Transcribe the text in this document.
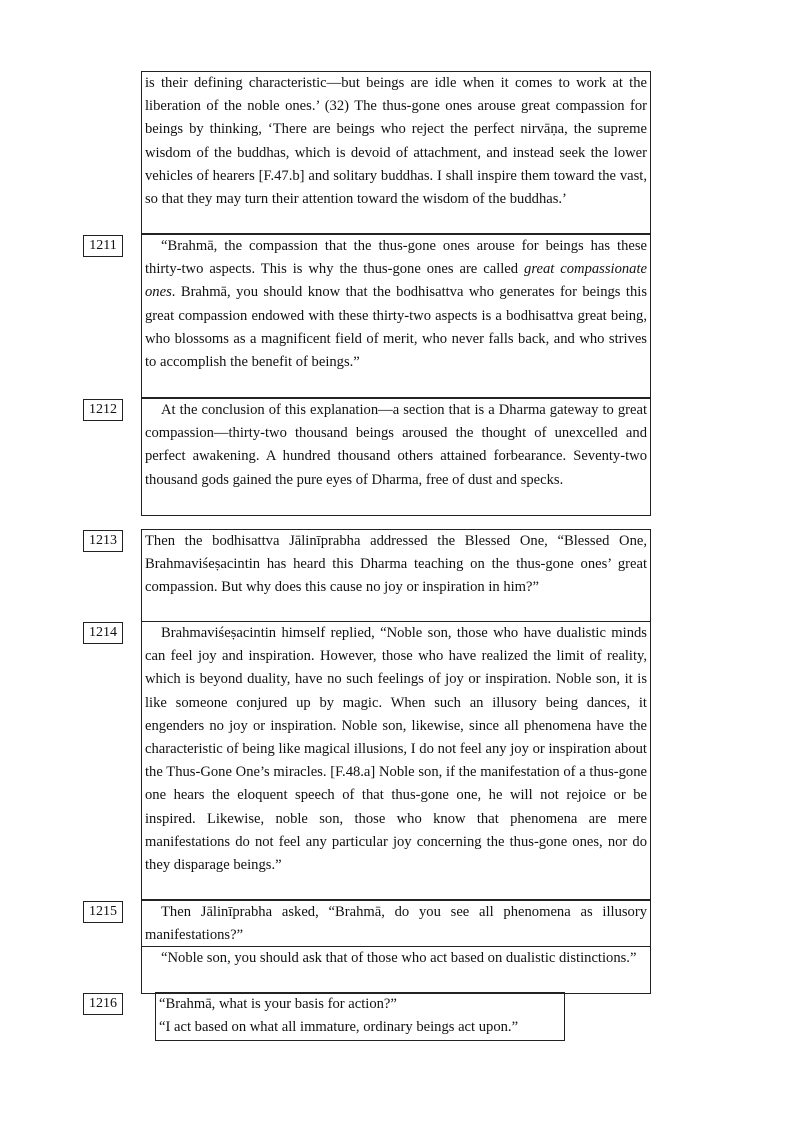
is their defining characteristic—but beings are idle when it comes to work at the liberation of the noble ones.’ (32) The thus-gone ones arouse great compassion for beings by thinking, ‘There are beings who reject the perfect nirvāṇa, the supreme wisdom of the buddhas, which is devoid of attachment, and instead seek the lower vehicles of hearers [F.47.b] and solitary buddhas. I shall inspire them toward the vast, so that they may turn their attention toward the wisdom of the buddhas.’

1211	“Brahmā, the compassion that the thus-gone ones arouse for beings has these thirty-two aspects. This is why the thus-gone ones are called great compassionate ones. Brahmā, you should know that the bodhisattva who generates for beings this great compassion endowed with these thirty-two aspects is a bodhisattva great being, who blossoms as a magnificent field of merit, who never falls back, and who strives to accomplish the benefit of beings.”

1212	At the conclusion of this explanation—a section that is a Dharma gateway to great compassion—thirty-two thousand beings aroused the thought of unexcelled and perfect awakening. A hundred thousand others attained forbearance. Seventy-two thousand gods gained the pure eyes of Dharma, free of dust and specks.

1213	Then the bodhisattva Jālinīprabha addressed the Blessed One, “Blessed One, Brahmaviśeṣacintin has heard this Dharma teaching on the thus-gone ones’ great compassion. But why does this cause no joy or inspiration in him?”

1214	Brahmaviśeṣacintin himself replied, “Noble son, those who have dualistic minds can feel joy and inspiration. However, those who have realized the limit of reality, which is beyond duality, have no such feelings of joy or inspiration. Noble son, it is like someone conjured up by magic. When such an illusory being dances, it engenders no joy or inspiration. Noble son, likewise, since all phenomena have the characteristic of being like magical illusions, I do not feel any joy or inspiration about the Thus-Gone One’s miracles. [F.48.a] Noble son, if the manifestation of a thus-gone one hears the eloquent speech of that thus-gone one, he will not rejoice or be inspired. Likewise, noble son, those who know that phenomena are mere manifestations do not feel any particular joy concerning the thus-gone ones, nor do they disparage beings.”

1215	Then Jālinīprabha asked, “Brahmā, do you see all phenomena as illusory manifestations?”

“Noble son, you should ask that of those who act based on dualistic distinctions.”

1216	“Brahmā, what is your basis for action?”

“I act based on what all immature, ordinary beings act upon.”
